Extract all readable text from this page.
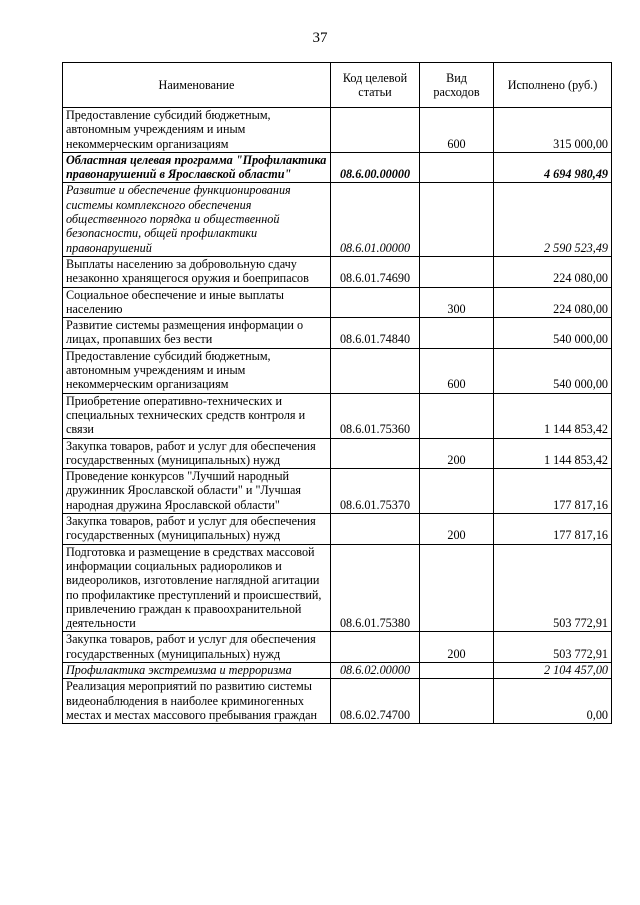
37
Наименование	Код целевой статьи	Вид расходов	Исполнено (руб.)
Предоставление субсидий бюджетным, автономным учреждениям и иным некоммерческим организациям		600	315 000,00
Областная целевая программа "Профилактика правонарушений в Ярославской области"	08.6.00.00000		4 694 980,49
Развитие и обеспечение функционирования системы комплексного обеспечения общественного порядка и общественной безопасности, общей профилактики правонарушений	08.6.01.00000		2 590 523,49
Выплаты населению за добровольную сдачу незаконно хранящегося оружия и боеприпасов	08.6.01.74690		224 080,00
Социальное обеспечение и иные выплаты населению		300	224 080,00
Развитие системы размещения информации о лицах, пропавших без вести	08.6.01.74840		540 000,00
Предоставление субсидий бюджетным, автономным учреждениям и иным некоммерческим организациям		600	540 000,00
Приобретение оперативно-технических и специальных технических средств контроля и связи	08.6.01.75360		1 144 853,42
Закупка товаров, работ и услуг для обеспечения государственных (муниципальных) нужд		200	1 144 853,42
Проведение конкурсов "Лучший народный дружинник Ярославской области" и "Лучшая народная дружина Ярославской области"	08.6.01.75370		177 817,16
Закупка товаров, работ и услуг для обеспечения государственных (муниципальных) нужд		200	177 817,16
Подготовка и размещение в средствах массовой информации социальных радиороликов и видеороликов, изготовление наглядной агитации по профилактике преступлений и происшествий, привлечению граждан к правоохранительной деятельности	08.6.01.75380		503 772,91
Закупка товаров, работ и услуг для обеспечения государственных (муниципальных) нужд		200	503 772,91
Профилактика экстремизма и терроризма	08.6.02.00000		2 104 457,00
Реализация мероприятий по развитию системы видеонаблюдения в наиболее криминогенных местах и местах массового пребывания граждан	08.6.02.74700		0,00
